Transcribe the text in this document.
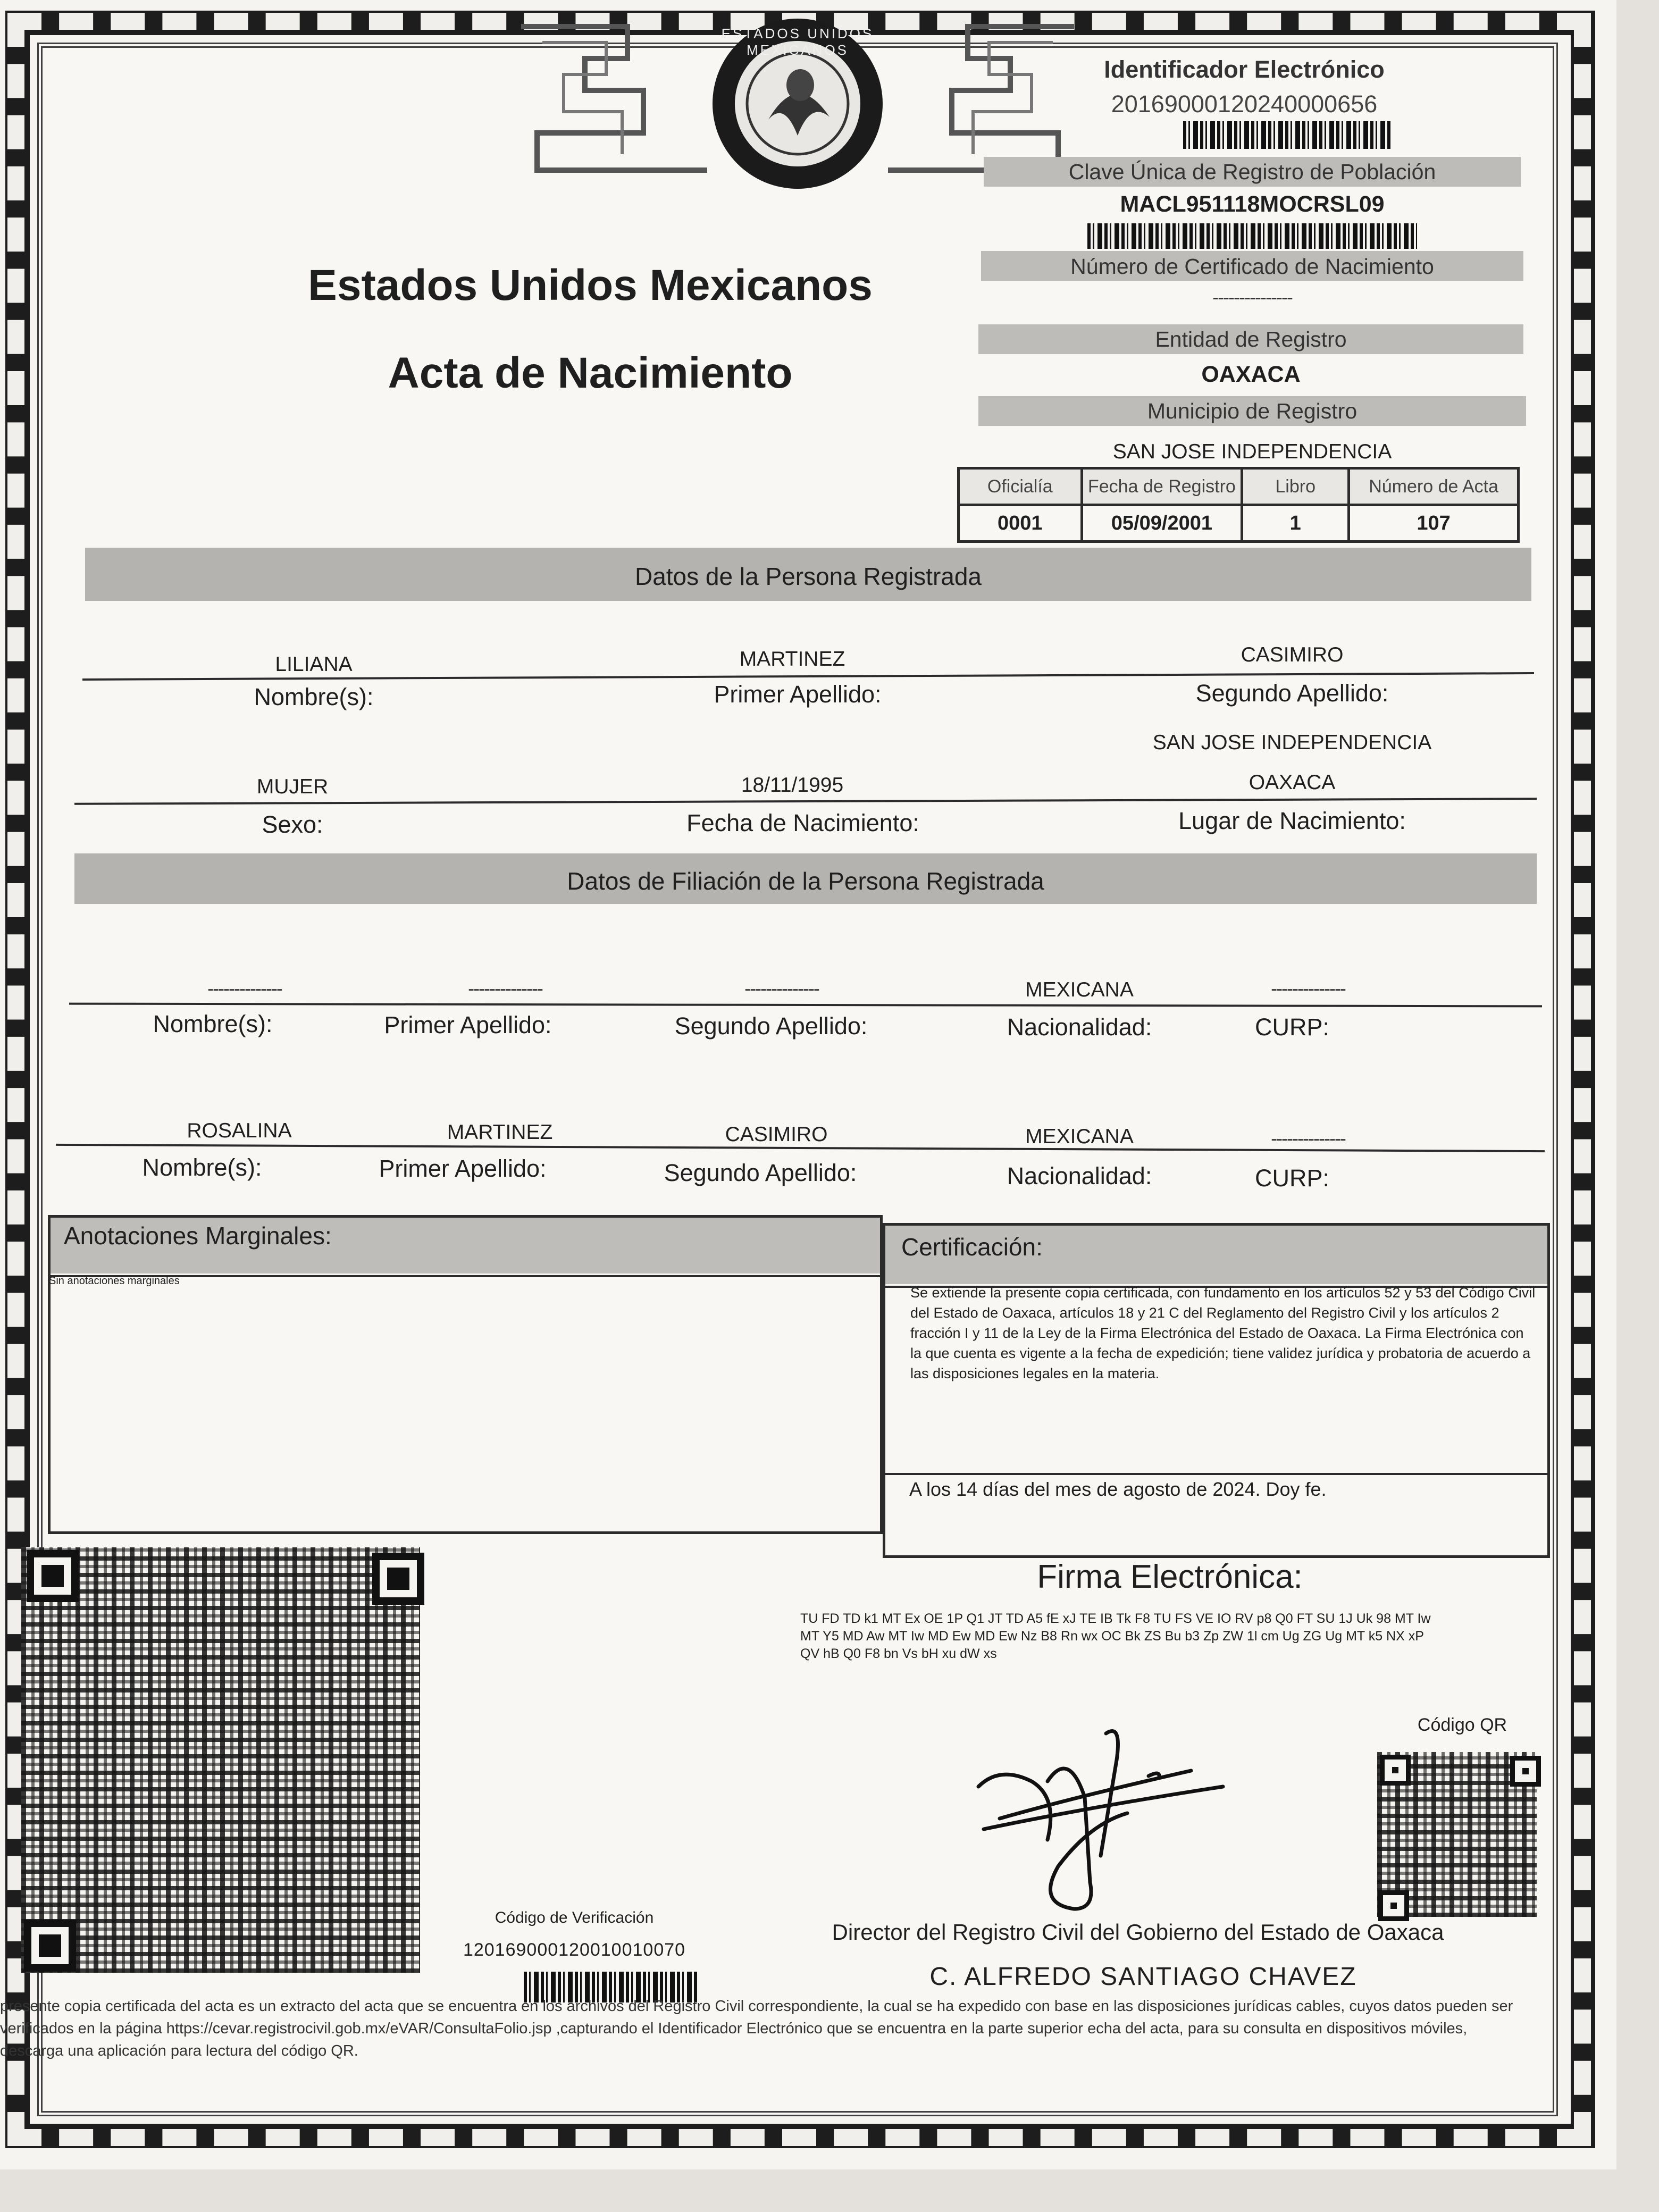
ESTADOS UNIDOS MEXICANOS
Estados Unidos Mexicanos
Acta de Nacimiento
Identificador Electrónico
20169000120240000656
Clave Única de Registro de Población
MACL951118MOCRSL09
Número de Certificado de Nacimiento
---------------
Entidad de Registro
OAXACA
Municipio de Registro
SAN JOSE INDEPENDENCIA
Oficialía	Fecha de Registro	Libro	Número de Acta
0001	05/09/2001	1	107
Datos de la Persona Registrada
LILIANA	MARTINEZ	CASIMIRO
Nombre(s):	Primer Apellido:	Segundo Apellido:
SAN JOSE INDEPENDENCIA
MUJER	18/11/1995	OAXACA
Sexo:	Fecha de Nacimiento:	Lugar de Nacimiento:
Datos de Filiación de la Persona Registrada
--------------	--------------	--------------	MEXICANA	--------------
Nombre(s):	Primer Apellido:	Segundo Apellido:	Nacionalidad:	CURP:
ROSALINA	MARTINEZ	CASIMIRO	MEXICANA	--------------
Nombre(s):	Primer Apellido:	Segundo Apellido:	Nacionalidad:	CURP:
Anotaciones Marginales:
Sin anotaciones marginales
Certificación:
Se extiende la presente copia certificada, con fundamento en los artículos 52 y 53 del Código Civil del Estado de Oaxaca, artículos 18 y 21 C del Reglamento del Registro Civil y los artículos 2 fracción I y 11 de la Ley de la Firma Electrónica del Estado de Oaxaca. La Firma Electrónica con la que cuenta es vigente a la fecha de expedición; tiene validez jurídica y probatoria de acuerdo a las disposiciones legales en la materia.
A los 14 días del mes de agosto de 2024. Doy fe.
Código de Verificación
120169000120010010070
Firma Electrónica:
TU FD TD k1 MT Ex OE 1P Q1 JT TD A5 fE xJ TE IB Tk F8 TU FS VE IO RV p8 Q0 FT SU 1J Uk 98 MT Iw MT Y5 MD Aw MT Iw MD Ew MD Ew Nz B8 Rn wx OC Bk ZS Bu b3 Zp ZW 1l cm Ug ZG Ug MT k5 NX xP QV hB Q0 F8 bn Vs bH xu dW xs
Código QR
Director del Registro Civil del Gobierno del Estado de Oaxaca
C. ALFREDO SANTIAGO CHAVEZ
presente copia certificada del acta es un extracto del acta que se encuentra en los archivos del Registro Civil correspondiente, la cual se ha expedido con base en las disposiciones jurídicas cables, cuyos datos pueden ser verificados en la página https://cevar.registrocivil.gob.mx/eVAR/ConsultaFolio.jsp ,capturando el Identificador Electrónico que se encuentra en la parte superior echa del acta, para su consulta en dispositivos móviles, descarga una aplicación para lectura del código QR.
